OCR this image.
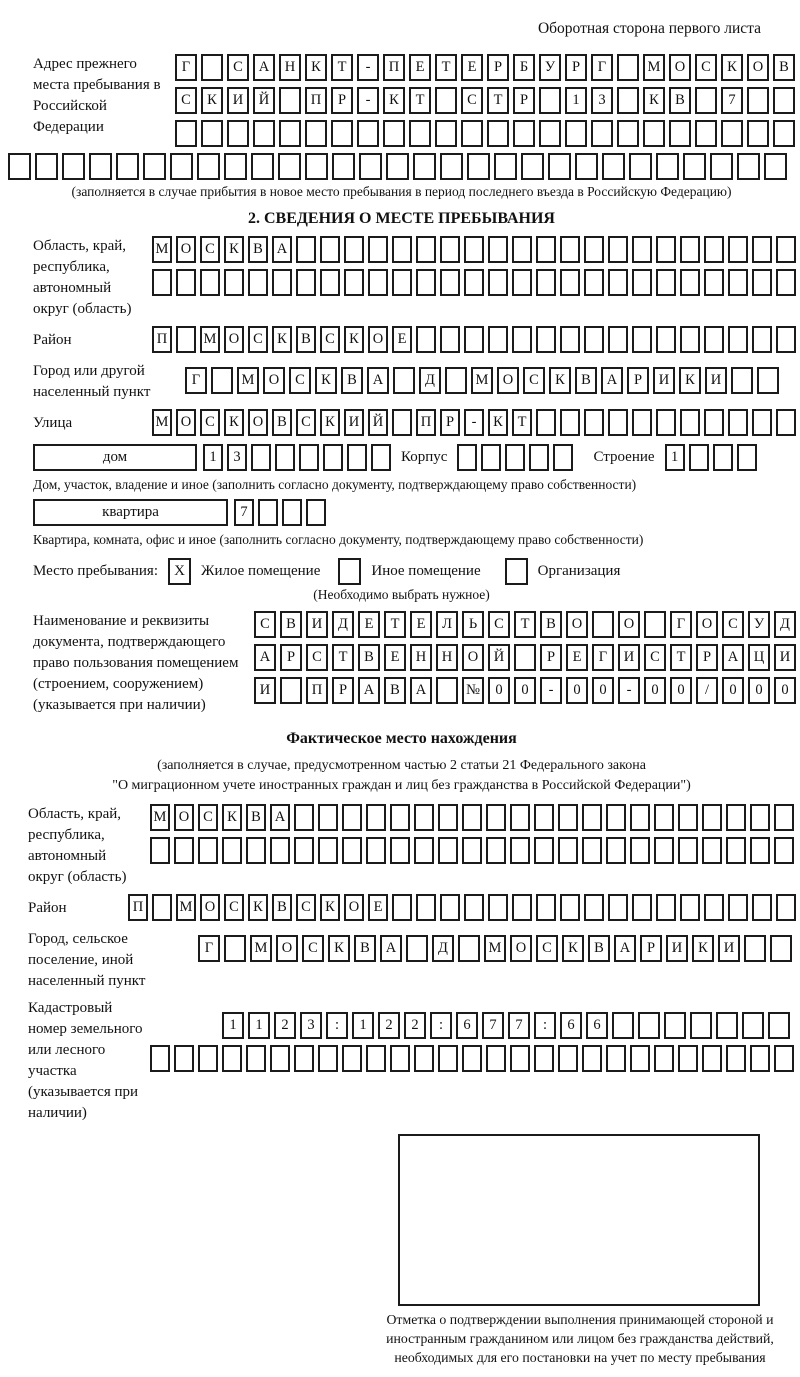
Оборотная сторона первого листа
Адрес прежнего места пребывания в Российской Федерации
Г	С	А	Н	К	Т	-	П	Е	Т	Е	Р	Б	У	Р	Г	М О	С	К	О	В
С	К	И	Й	П	Р	-	К	Т	С	Т	Р	1	3	К	В	7
(заполняется в случае прибытия в новое место пребывания в период последнего въезда в Российскую Федерацию)
2. СВЕДЕНИЯ О МЕСТЕ ПРЕБЫВАНИЯ
Область, край, республика, автономный округ (область)
М О С К В А
Район	П	М О С К В С К О Е
Город или другой населенный пункт
Г	М О	С	К	В	А	Д	М О	С	К	В	А	Р	И	К	И
Улица	М О С К О В С К И Й	П	Р	-	К	Т
дом	1	3	Корпус	Строение	1
Дом, участок, владение и иное (заполнить согласно документу, подтверждающему право собственности)
квартира	7
Квартира, комната, офис и иное (заполнить согласно документу, подтверждающему право собственности)
Место пребывания:	X	Жилое помещение	Иное помещение	Организация
(Необходимо выбрать нужное)
Наименование и реквизиты документа, подтверждающего право пользования помещением (строением, сооружением) (указывается при наличии)
С	В	И	Д	Е	Т	Е	Л	Ь	С	Т	В	О	О	Г	О	С	У	Д
А	Р	С	Т	В	Е	Н	Н	О	Й	Р	Е	Г	И	С	Т	Р	А	Ц	И
И	П	Р	А	В	А	№	0	0	-	0	0	-	0	0	/	0	0	0
Фактическое место нахождения
(заполняется в случае, предусмотренном частью 2 статьи 21 Федерального закона
"О миграционном учете иностранных граждан и лиц без гражданства в Российской Федерации")
Область, край, республика, автономный округ (область)
М О С К В А
Район	П	М О С К В С К О Е
Город, сельское поселение, иной населенный пункт
Г	М О	С	К	В	А	Д	М О	С	К	В	А	Р	И	К	И
Кадастровый номер земельного или лесного участка (указывается при наличии)
1	1	2	3	:	1	2	2	:	6	7	7	:	6	6
Отметка о подтверждении выполнения принимающей стороной и иностранным гражданином или лицом без гражданства действий, необходимых для его постановки на учет по месту пребывания
